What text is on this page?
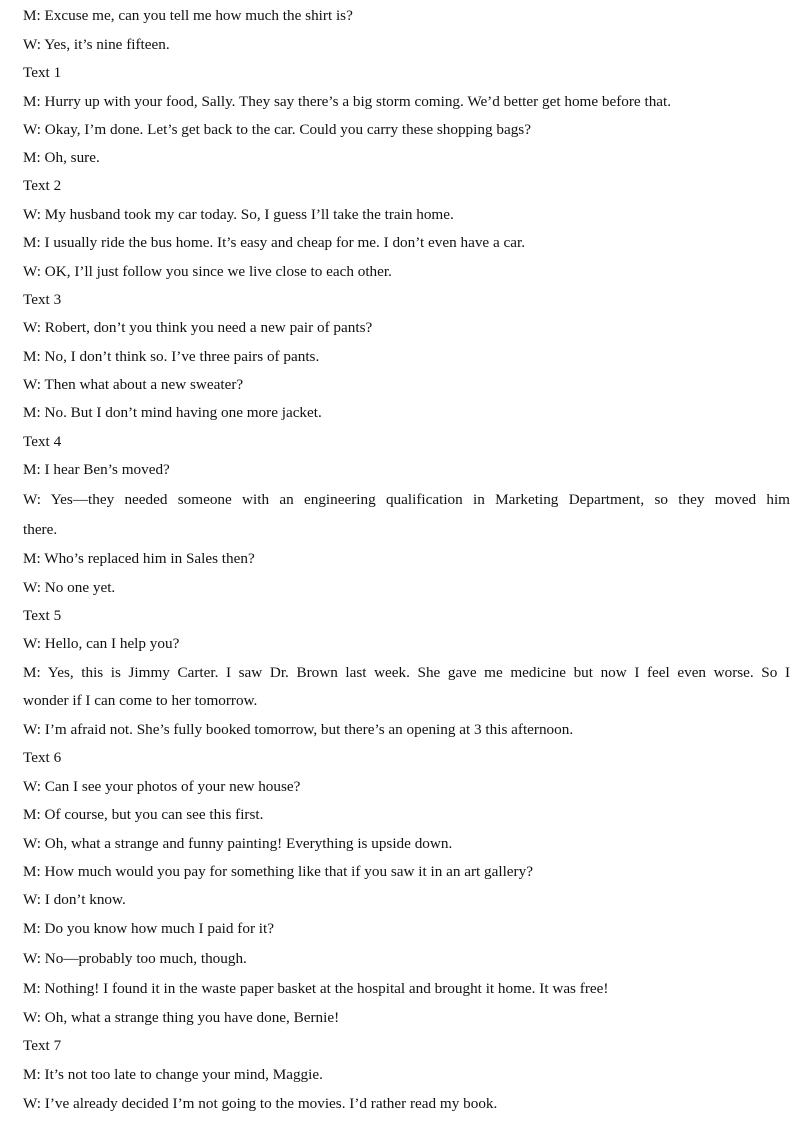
M: Excuse me, can you tell me how much the shirt is?
W: Yes, it’s nine fifteen.
Text 1
M: Hurry up with your food, Sally. They say there’s a big storm coming. We’d better get home before that.
W: Okay, I’m done. Let’s get back to the car. Could you carry these shopping bags?
M: Oh, sure.
Text 2
W: My husband took my car today. So, I guess I’ll take the train home.
M: I usually ride the bus home. It’s easy and cheap for me. I don’t even have a car.
W: OK, I’ll just follow you since we live close to each other.
Text 3
W: Robert, don’t you think you need a new pair of pants?
M: No, I don’t think so. I’ve three pairs of pants.
W: Then what about a new sweater?
M: No. But I don’t mind having one more jacket.
Text 4
M: I hear Ben’s moved?
W: Yes—they needed someone with an engineering qualification in Marketing Department, so they moved him
there.
M: Who’s replaced him in Sales then?
W: No one yet.
Text 5
W: Hello, can I help you?
M: Yes, this is Jimmy Carter. I saw Dr. Brown last week. She gave me medicine but now I feel even worse. So I
wonder if I can come to her tomorrow.
W: I’m afraid not. She’s fully booked tomorrow, but there’s an opening at 3 this afternoon.
Text 6
W: Can I see your photos of your new house?
M: Of course, but you can see this first.
W: Oh, what a strange and funny painting! Everything is upside down.
M: How much would you pay for something like that if you saw it in an art gallery?
W: I don’t know.
M: Do you know how much I paid for it?
W: No—probably too much, though.
M: Nothing! I found it in the waste paper basket at the hospital and brought it home. It was free!
W: Oh, what a strange thing you have done, Bernie!
Text 7
M: It’s not too late to change your mind, Maggie.
W: I’ve already decided I’m not going to the movies. I’d rather read my book.
